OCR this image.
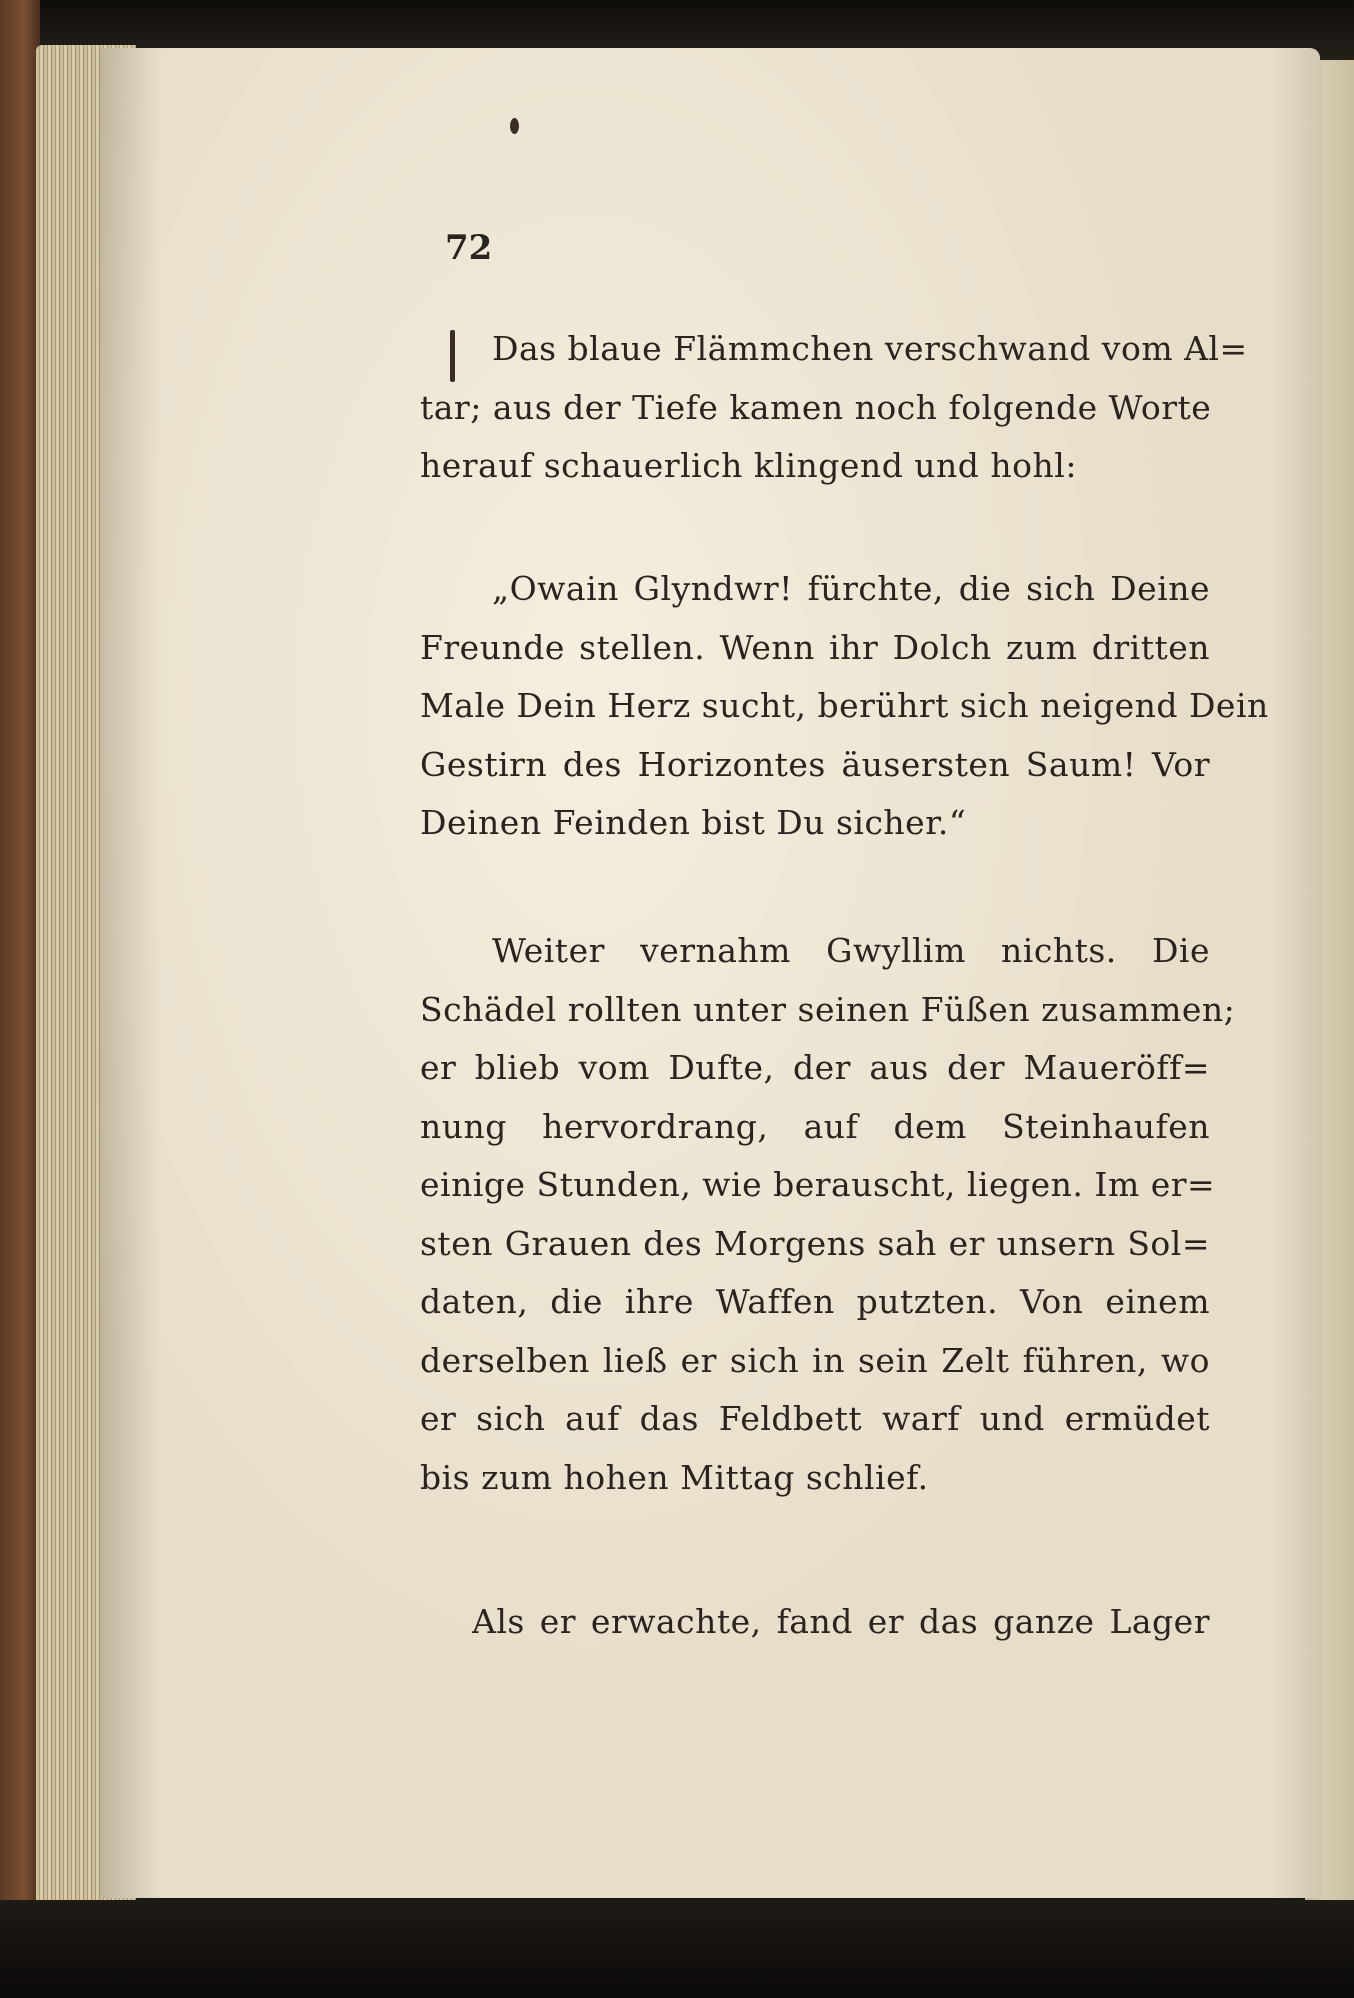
72

Das blaue Flämmchen verschwand vom Al=
tar; aus der Tiefe kamen noch folgende Worte
herauf schauerlich klingend und hohl:

„Owain Glyndwr! fürchte, die sich Deine
Freunde stellen. Wenn ihr Dolch zum dritten
Male Dein Herz sucht, berührt sich neigend Dein
Gestirn des Horizontes äusersten Saum! Vor
Deinen Feinden bist Du sicher.“

Weiter vernahm Gwyllim nichts. Die
Schädel rollten unter seinen Füßen zusammen;
er blieb vom Dufte, der aus der Maueröff=
nung hervordrang, auf dem Steinhaufen
einige Stunden, wie berauscht, liegen. Im er=
sten Grauen des Morgens sah er unsern Sol=
daten, die ihre Waffen putzten. Von einem
derselben ließ er sich in sein Zelt führen, wo
er sich auf das Feldbett warf und ermüdet
bis zum hohen Mittag schlief.

Als er erwachte, fand er das ganze Lager
